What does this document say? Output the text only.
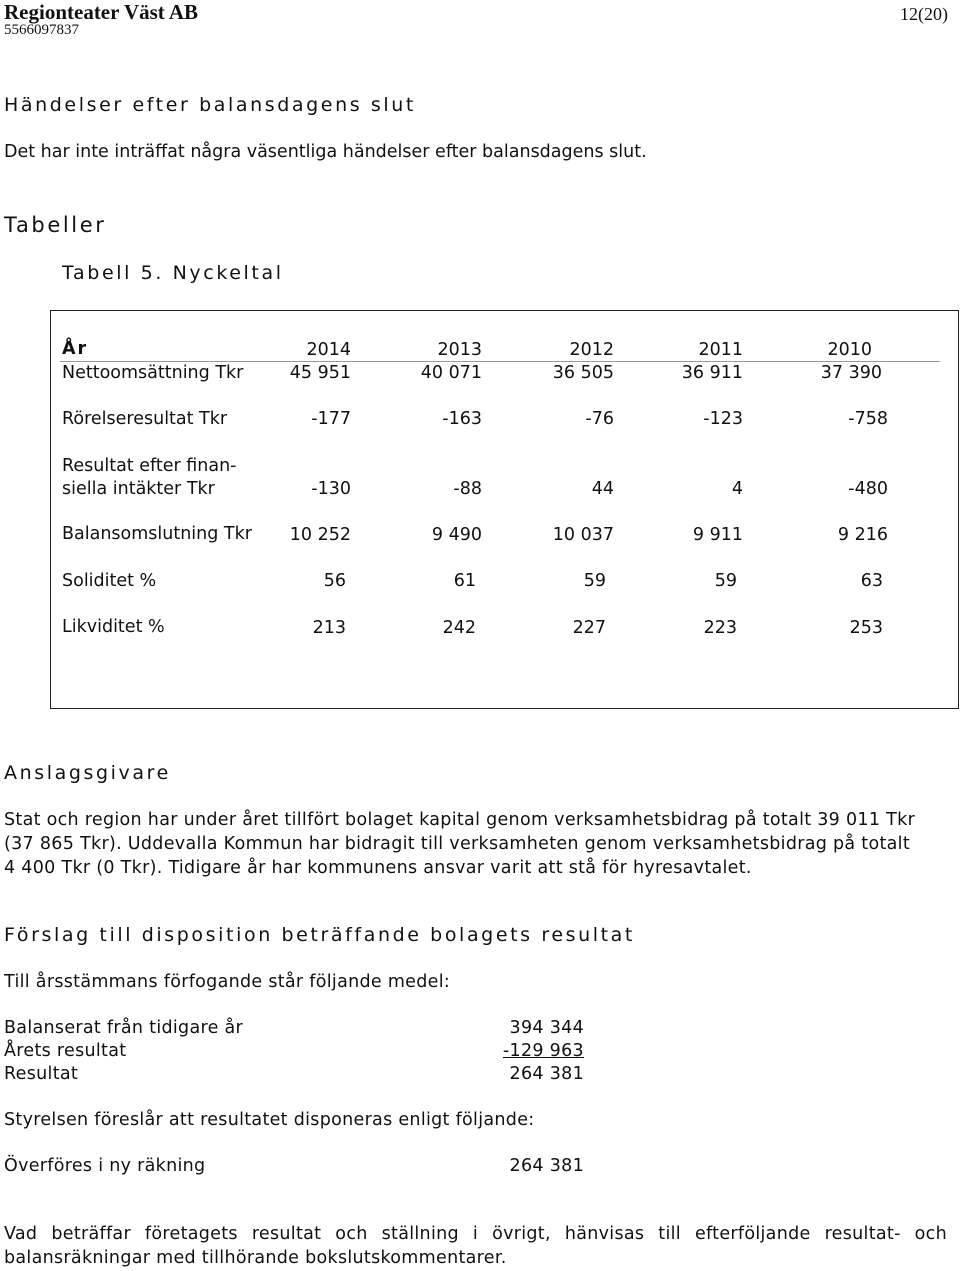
Regionteater Väst AB
5566097837
12(20)
Händelser efter balansdagens slut
Det har inte inträffat några väsentliga händelser efter balansdagens slut.
Tabeller
Tabell 5. Nyckeltal
År	2014	2013	2012	2011	2010
Nettoomsättning Tkr	45 951	40 071	36 505	36 911	37 390
Rörelseresultat Tkr	-177	-163	-76	-123	-758
Resultat efter finan-
siella intäkter Tkr	-130	-88	44	4	-480
Balansomslutning Tkr	10 252	9 490	10 037	9 911	9 216
Soliditet %	56	61	59	59	63
Likviditet %	213	242	227	223	253
Anslagsgivare
Stat och region har under året tillfört bolaget kapital genom verksamhetsbidrag på totalt 39 011 Tkr
(37 865 Tkr). Uddevalla Kommun har bidragit till verksamheten genom verksamhetsbidrag på totalt
4 400 Tkr (0 Tkr). Tidigare år har kommunens ansvar varit att stå för hyresavtalet.
Förslag till disposition beträffande bolagets resultat
Till årsstämmans förfogande står följande medel:
Balanserat från tidigare år	394 344
Årets resultat	-129 963
Resultat	264 381
Styrelsen föreslår att resultatet disponeras enligt följande:
Överföres i ny räkning	264 381
Vad beträffar företagets resultat och ställning i övrigt, hänvisas till efterföljande resultat- och balansräkningar med tillhörande bokslutskommentarer.
